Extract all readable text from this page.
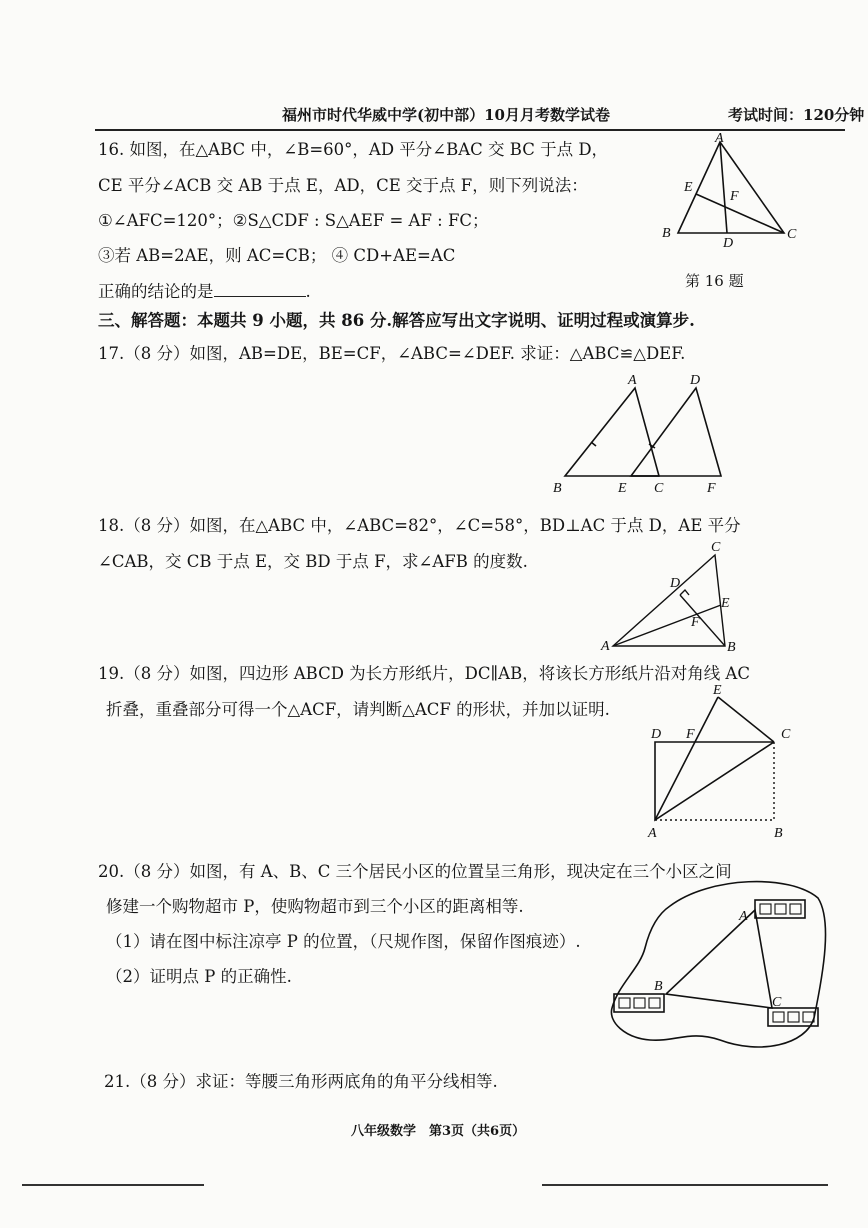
福州市时代华威中学(初中部）10月月考数学试卷	考试时间：120分钟
16. 如图，在△ABC 中，∠B=60°，AD 平分∠BAC 交 BC 于点 D，
CE 平分∠ACB 交 AB 于点 E，AD，CE 交于点 F，则下列说法：
①∠AFC=120°；②S△CDF : S△AEF = AF : FC；
③若 AB=2AE，则 AC=CB； ④ CD+AE=AC
正确的结论的是	.
A
B	C
D
E
F
第 16 题
三、解答题：本题共 9 小题，共 86 分.解答应写出文字说明、证明过程或演算步.
17.（8 分）如图，AB=DE，BE=CF，∠ABC=∠DEF. 求证：△ABC≌△DEF.
A
B	C
D
E	F
18.（8 分）如图，在△ABC 中，∠ABC=82°，∠C=58°，BD⊥AC 于点 D，AE 平分
∠CAB，交 CB 于点 E，交 BD 于点 F，求∠AFB 的度数.
C
D
E
F
A	B
19.（8 分）如图，四边形 ABCD 为长方形纸片，DC∥AB，将该长方形纸片沿对角线 AC
折叠，重叠部分可得一个△ACF，请判断△ACF 的形状，并加以证明.
E
D F	C
A	B
20.（8 分）如图，有 A、B、C 三个居民小区的位置呈三角形，现决定在三个小区之间
修建一个购物超市 P，使购物超市到三个小区的距离相等.
（1）请在图中标注凉亭 P 的位置，（尺规作图，保留作图痕迹）.
（2）证明点 P 的正确性.
A
B
C
21.（8 分）求证：等腰三角形两底角的角平分线相等.
八年级数学　第3页（共6页）
